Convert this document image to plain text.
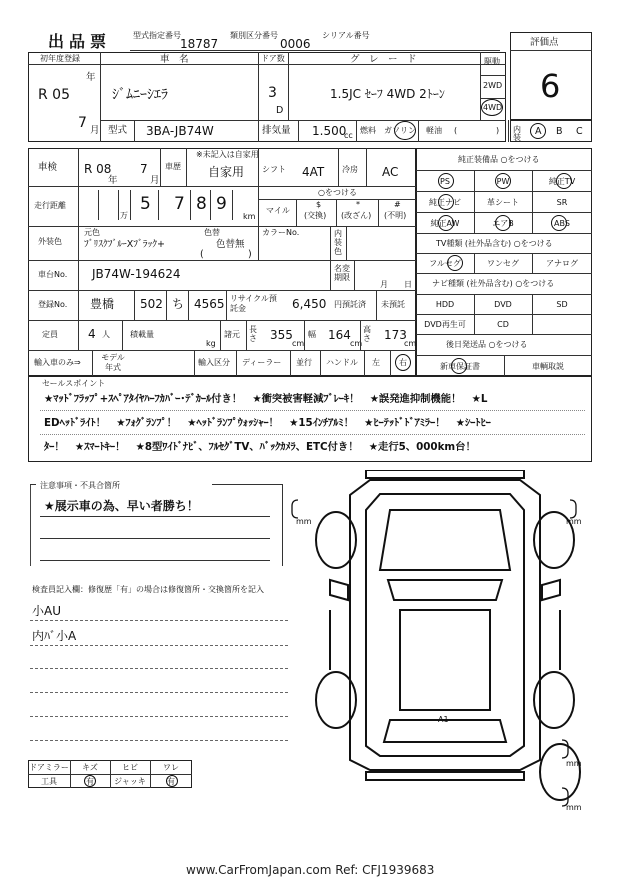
出品票	型式指定番号
18787
類別区分番号
0006
シリアル番号
評価点
6
初年度登録
年
R 05
7 月
車　名
ｼﾞﾑﾆｰｼｴﾗ
ドア数
3
D
グ　レ　ー　ド
1.5JC ｾｰﾌ 4WD 2ﾄｰﾝ
駆動
2WD
4WD
型式 3BA-JB74W	排気量 1.500
cc
燃料 ガソリン 軽油 (	) 内装
A B C
車検 R 08
年
7
月
車歴
※未記入は自家用
自家用 シフト 4AT 冷房 AC
走行距離
万
5 7 8 9
km
○をつける
マイル
$
(交換)
*
(改ざん)
#
(不明)
外装色
元色	色替
ﾌﾞﾘｽｸﾌﾞﾙｰXﾌﾞﾗｯｸ+	色替無
(	)
カラーNo.	内装色
車台No. JB74W-194624	名変期限
月 日
登録No. 豊橋 502 ち 4565 リサイクル預託金	6,450 円預託済 未預託
定員	4 人	積載量
kg
諸元
長さ 355
cm
幅 164
cm
高さ 173
cm
輸入車のみ⇒
モデル年式
輸入区分 ディーラー 並行 ハンドル 左 右
純正装備品 ○をつける
PS	PW	純正TV
純正ナビ	革シート	SR
純正AW	エアB	ABS
TV種類 (社外品含む) ○をつける
フルセグ	ワンセグ	アナログ
ナビ種類 (社外品含む) ○をつける
HDD	DVD	SD
DVD再生可	CD
後日発送品 ○をつける
新車保証書	車輌取説
セールスポイント
★ﾏｯﾄﾞﾌﾗｯﾌﾟ+ｽﾍﾟｱﾀｲﾔﾊｰﾌｶﾊﾞｰ･ﾃﾞｶｰﾙ付き！　★衝突被害軽減ﾌﾞﾚｰｷ！　★誤発進抑制機能！　★L
EDﾍｯﾄﾞﾗｲﾄ！　★ﾌｫｸﾞﾗﾝﾌﾟ！　★ﾍｯﾄﾞﾗﾝﾌﾟｳｫｯｼｬｰ！　★15ｲﾝﾁｱﾙﾐ！　★ﾋｰﾃｯﾄﾞﾄﾞｱﾐﾗｰ！　★ｼｰﾄﾋｰ
ﾀｰ！　★ｽﾏｰﾄｷｰ！　★8型ﾜｲﾄﾞﾅﾋﾞ、ﾌﾙｾｸﾞTV、ﾊﾞｯｸｶﾒﾗ、ETC付き！　★走行5、000km台！
注意事項・不具合箇所
★展示車の為、早い者勝ち！
検査員記入欄：修復歴「有」の場合は修復箇所・交換箇所を記入
小AU
内ﾊﾞ小A
ドアミラー	キズ	ヒビ	ワレ
工具	有	ジャッキ	有
mm	mm
mm
mm
A1
www.CarFromJapan.com Ref: CFJ1939683
